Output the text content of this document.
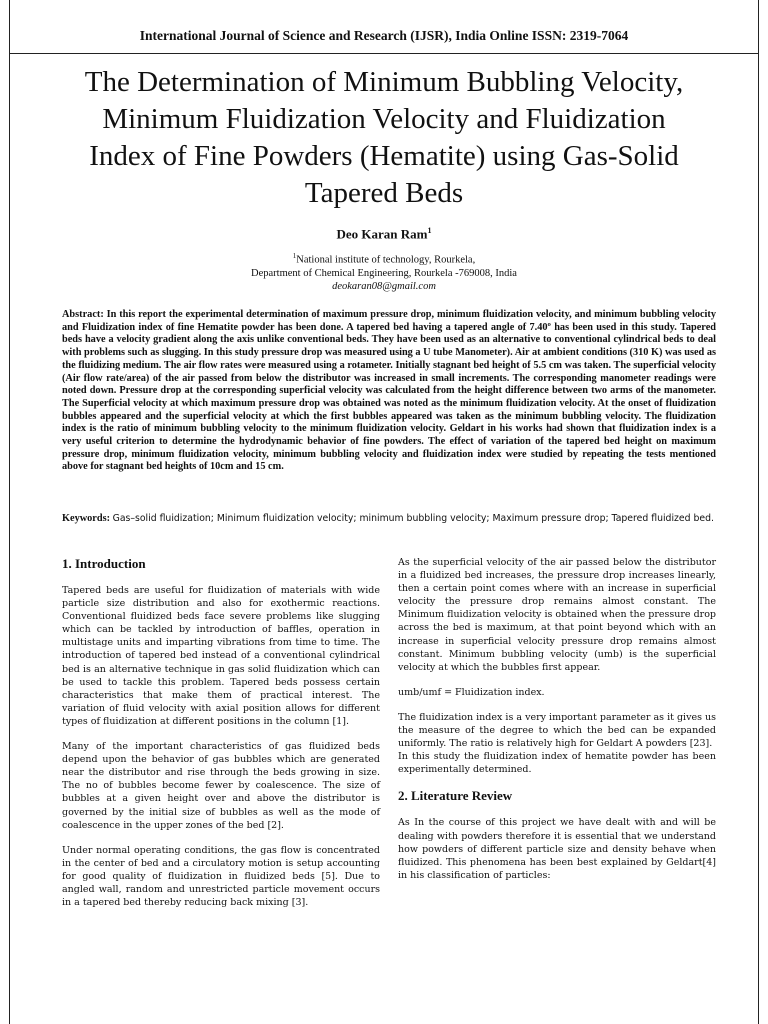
International Journal of Science and Research (IJSR), India Online ISSN: 2319-7064
The Determination of Minimum Bubbling Velocity,
Minimum Fluidization Velocity and Fluidization
Index of Fine Powders (Hematite) using Gas-Solid
Tapered Beds
Deo Karan Ram$^1$
$^1$National institute of technology, Rourkela,
Department of Chemical Engineering, Rourkela -769008, India
deokaran08@gmail.com
Abstract: In this report the experimental determination of maximum pressure drop, minimum fluidization velocity, and minimum bubbling velocity and Fluidization index of fine Hematite powder has been done. A tapered bed having a tapered angle of 7.40º has been used in this study. Tapered beds have a velocity gradient along the axis unlike conventional beds. They have been used as an alternative to conventional cylindrical beds to deal with problems such as slugging. In this study pressure drop was measured using a U tube Manometer). Air at ambient conditions (310 K) was used as the fluidizing medium. The air flow rates were measured using a rotameter. Initially stagnant bed height of 5.5 cm was taken. The superficial velocity (Air flow rate/area) of the air passed from below the distributor was increased in small increments. The corresponding manometer readings were noted down. Pressure drop at the corresponding superficial velocity was calculated from the height difference between two arms of the manometer. The Superficial velocity at which maximum pressure drop was obtained was noted as the minimum fluidization velocity. At the onset of fluidization bubbles appeared and the superficial velocity at which the first bubbles appeared was taken as the minimum bubbling velocity. The fluidization index is the ratio of minimum bubbling velocity to the minimum fluidization velocity. Geldart in his works had shown that fluidization index is a very useful criterion to determine the hydrodynamic behavior of fine powders. The effect of variation of the tapered bed height on maximum pressure drop, minimum fluidization velocity, minimum bubbling velocity and fluidization index were studied by repeating the tests mentioned above for stagnant bed heights of 10cm and 15 cm.
Keywords: Gas–solid fluidization; Minimum fluidization velocity; minimum bubbling velocity; Maximum pressure drop; Tapered fluidized bed.
1. Introduction

Tapered beds are useful for fluidization of materials with wide particle size distribution and also for exothermic reactions. Conventional fluidized beds face severe problems like slugging which can be tackled by introduction of baffles, operation in multistage units and imparting vibrations from time to time. The introduction of tapered bed instead of a conventional cylindrical bed is an alternative technique in gas solid fluidization which can be used to tackle this problem. Tapered beds possess certain characteristics that make them of practical interest. The variation of fluid velocity with axial position allows for different types of fluidization at different positions in the column [1].

Many of the important characteristics of gas fluidized beds depend upon the behavior of gas bubbles which are generated near the distributor and rise through the beds growing in size. The no of bubbles become fewer by coalescence. The size of bubbles at a given height over and above the distributor is governed by the initial size of bubbles as well as the mode of coalescence in the upper zones of the bed [2].

Under normal operating conditions, the gas flow is concentrated in the center of bed and a circulatory motion is setup accounting for good quality of fluidization in fluidized beds [5]. Due to angled wall, random and unrestricted particle movement occurs in a tapered bed thereby reducing back mixing [3].

As the superficial velocity of the air passed below the distributor in a fluidized bed increases, the pressure drop increases linearly, then a certain point comes where with an increase in superficial velocity the pressure drop remains almost constant. The Minimum fluidization velocity is obtained when the pressure drop across the bed is maximum, at that point beyond which with an increase in superficial velocity pressure drop remains almost constant. Minimum bubbling velocity (umb) is the superficial velocity at which the bubbles first appear.

umb/umf = Fluidization index.

The fluidization index is a very important parameter as it gives us the measure of the degree to which the bed can be expanded uniformly. The ratio is relatively high for Geldart A powders [23].

In this study the fluidization index of hematite powder has been experimentally determined.

2. Literature Review

As In the course of this project we have dealt with and will be dealing with powders therefore it is essential that we understand how powders of different particle size and density behave when fluidized. This phenomena has been best explained by Geldart[4] in his classification of particles:
